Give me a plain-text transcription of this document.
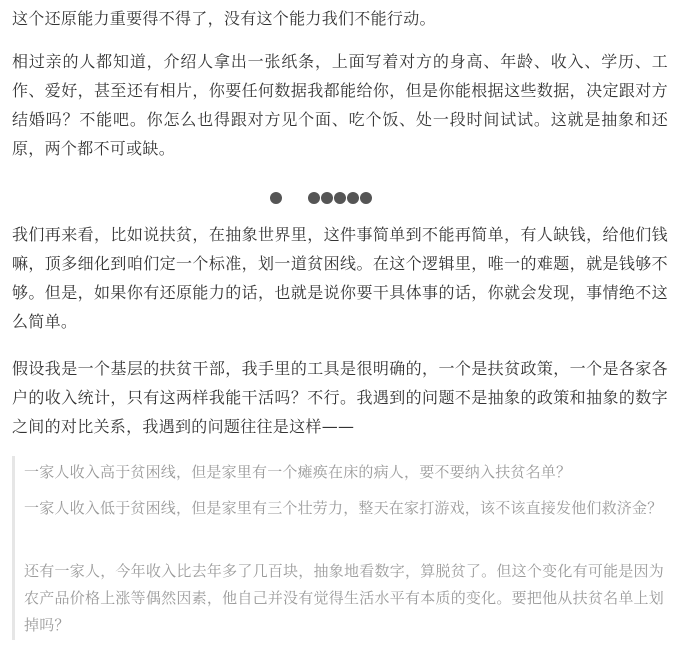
这个还原能力重要得不得了，没有这个能力我们不能行动。

相过亲的人都知道，介绍人拿出一张纸条，上面写着对方的身高、年龄、收入、学历、工作、爱好，甚至还有相片，你要任何数据我都能给你，但是你能根据这些数据，决定跟对方结婚吗？不能吧。你怎么也得跟对方见个面、吃个饭、处一段时间试试。这就是抽象和还原，两个都不可或缺。

我们再来看，比如说扶贫，在抽象世界里，这件事简单到不能再简单，有人缺钱，给他们钱嘛，顶多细化到咱们定一个标准，划一道贫困线。在这个逻辑里，唯一的难题，就是钱够不够。但是，如果你有还原能力的话，也就是说你要干具体事的话，你就会发现，事情绝不这么简单。

假设我是一个基层的扶贫干部，我手里的工具是很明确的，一个是扶贫政策，一个是各家各户的收入统计，只有这两样我能干活吗？不行。我遇到的问题不是抽象的政策和抽象的数字之间的对比关系，我遇到的问题往往是这样——

一家人收入高于贫困线，但是家里有一个瘫痪在床的病人，要不要纳入扶贫名单？

一家人收入低于贫困线，但是家里有三个壮劳力，整天在家打游戏，该不该直接发他们救济金？

还有一家人，今年收入比去年多了几百块，抽象地看数字，算脱贫了。但这个变化有可能是因为农产品价格上涨等偶然因素，他自己并没有觉得生活水平有本质的变化。要把他从扶贫名单上划掉吗？
